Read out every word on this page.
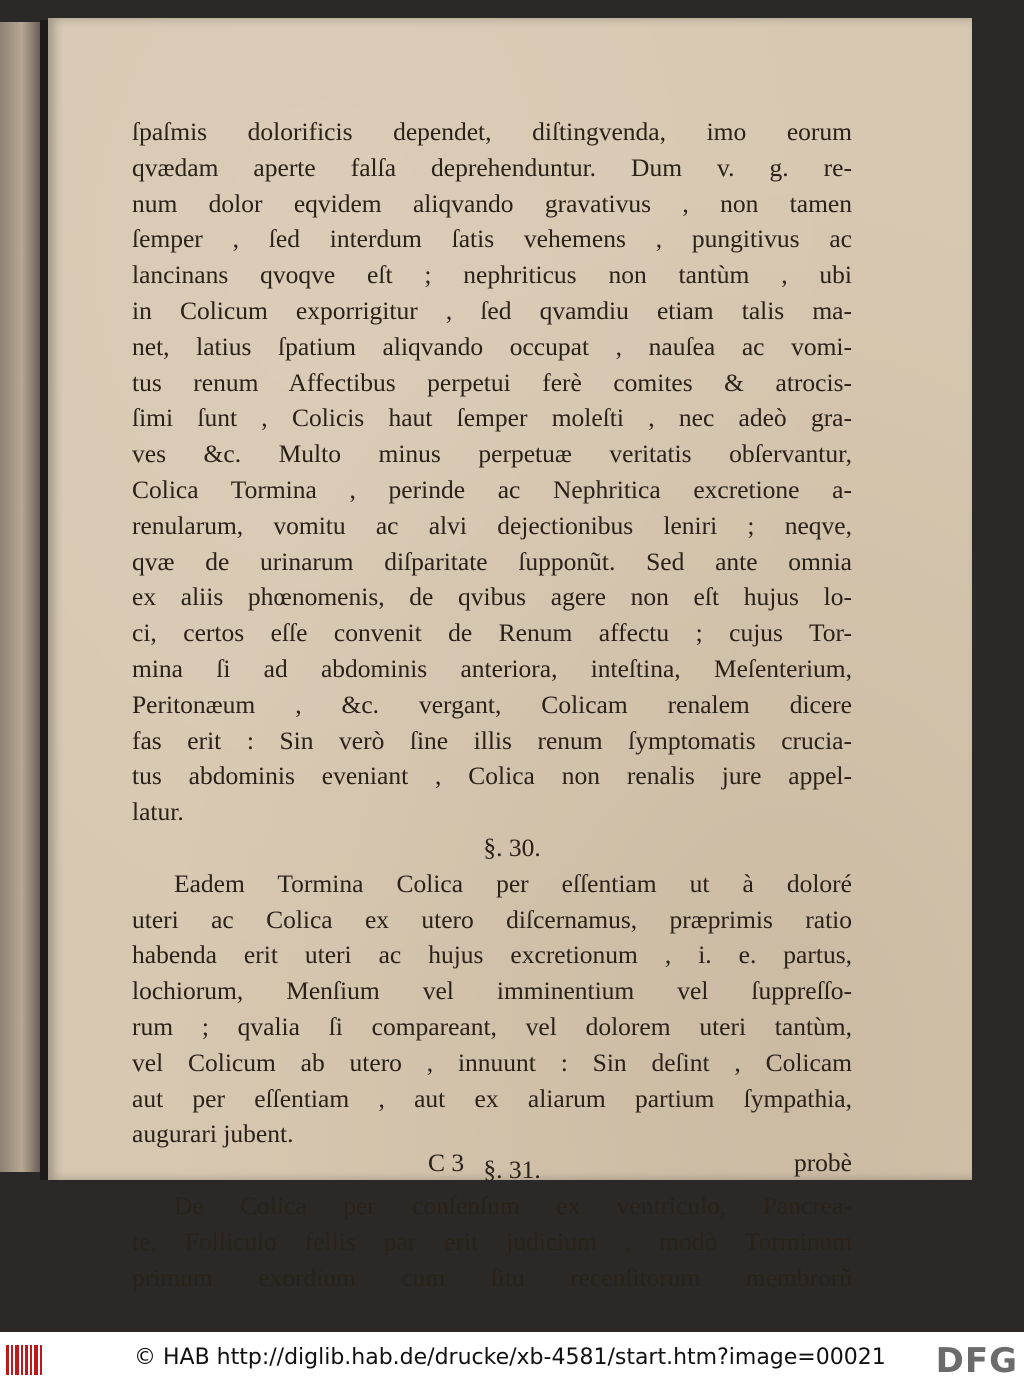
ſpaſmis dolorificis dependet, diſtingvenda, imo eorum
qvædam aperte falſa deprehenduntur. Dum v. g. re-
num dolor eqvidem aliqvando gravativus , non tamen
ſemper , ſed interdum ſatis vehemens , pungitivus ac
lancinans qvoqve eſt ; nephriticus non tantùm , ubi
in Colicum exporrigitur , ſed qvamdiu etiam talis ma-
net, latius ſpatium aliqvando occupat , nauſea ac vomi-
tus renum Affectibus perpetui ferè comites & atrocis-
ſimi ſunt , Colicis haut ſemper moleſti , nec adeò gra-
ves &c. Multo minus perpetuæ veritatis obſervantur,
Colica Tormina , perinde ac Nephritica excretione a-
renularum, vomitu ac alvi dejectionibus leniri ; neqve,
qvæ de urinarum diſparitate ſupponũt. Sed ante omnia
ex aliis phœnomenis, de qvibus agere non eſt hujus lo-
ci, certos eſſe convenit de Renum affectu ; cujus Tor-
mina ſi ad abdominis anteriora, inteſtina, Meſenterium,
Peritonæum , &c. vergant, Colicam renalem dicere
fas erit : Sin verò ſine illis renum ſymptomatis crucia-
tus abdominis eveniant , Colica non renalis jure appel-
latur.
§. 30.
Eadem Tormina Colica per eſſentiam ut à doloré
uteri ac Colica ex utero diſcernamus, præprimis ratio
habenda erit uteri ac hujus excretionum , i. e. partus,
lochiorum, Menſium vel imminentium vel ſuppreſſo-
rum ; qvalia ſi compareant, vel dolorem uteri tantùm,
vel Colicum ab utero , innuunt : Sin deſint , Colicam
aut per eſſentiam , aut ex aliarum partium ſympathia,
augurari jubent.
§. 31.
De Colica per conſenſum ex ventriculo, Pancrea-
te, Folliculo fellis par erit judicium , modò Torminum
primum exordium cum ſitu recenſitorum membrorũ
C 3	probè
© HAB http://diglib.hab.de/drucke/xb-4581/start.htm?image=00021 DFG
